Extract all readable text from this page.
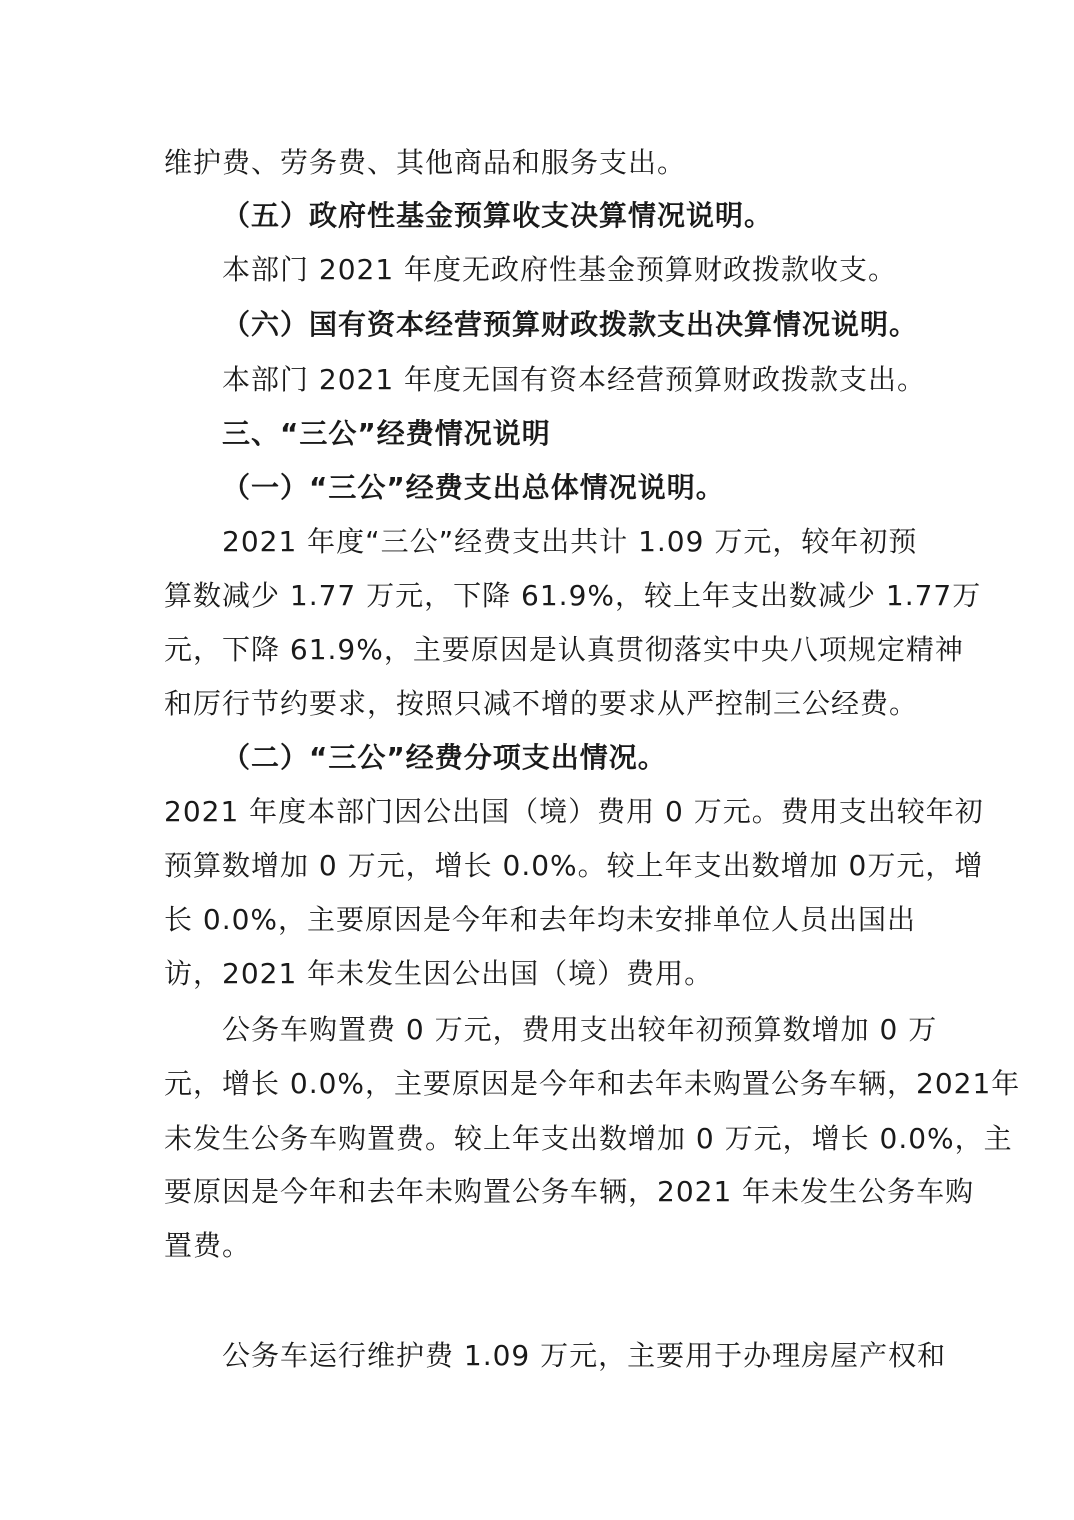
维护费、劳务费、其他商品和服务支出。
（五）政府性基金预算收支决算情况说明。
本部门 2021 年度无政府性基金预算财政拨款收支。
（六）国有资本经营预算财政拨款支出决算情况说明。
本部门 2021 年度无国有资本经营预算财政拨款支出。
三、“三公”经费情况说明
（一）“三公”经费支出总体情况说明。
2021 年度“三公”经费支出共计 1.09 万元，较年初预
算数减少 1.77 万元，下降 61.9%，较上年支出数减少 1.77万
元，下降 61.9%，主要原因是认真贯彻落实中央八项规定精神
和厉行节约要求，按照只减不增的要求从严控制三公经费。
（二）“三公”经费分项支出情况。
2021 年度本部门因公出国（境）费用 0 万元。费用支出较年初
预算数增加 0 万元，增长 0.0%。较上年支出数增加 0万元，增
长 0.0%，主要原因是今年和去年均未安排单位人员出国出
访，2021 年未发生因公出国（境）费用。
公务车购置费 0 万元，费用支出较年初预算数增加 0 万
元，增长 0.0%，主要原因是今年和去年未购置公务车辆，2021年
未发生公务车购置费。较上年支出数增加 0 万元，增长 0.0%，主
要原因是今年和去年未购置公务车辆，2021 年未发生公务车购
置费。
公务车运行维护费 1.09 万元，主要用于办理房屋产权和
